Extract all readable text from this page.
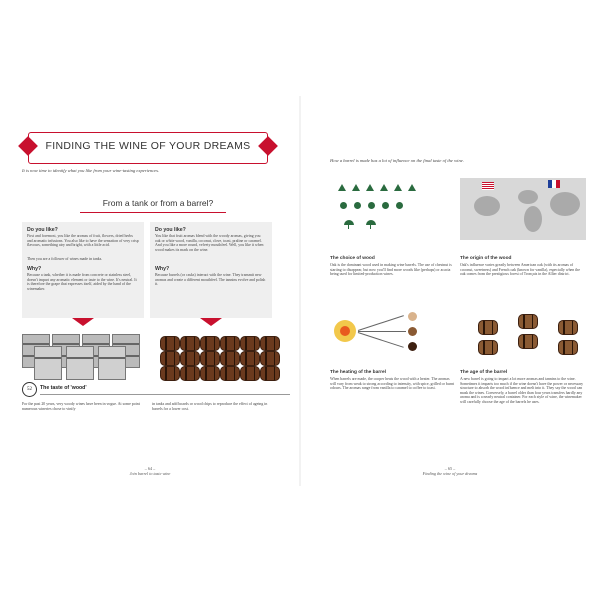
FINDING THE WINE OF YOUR DREAMS
It is now time to identify what you like from your wine-tasting experiences.
From a tank or from a barrel?
Do you like?

First and foremost, you like the aromas of fruit, flowers, dried herbs and aromatic infusions. You also like to have the sensation of very crisp flavours, something airy and bright, with a little acid.

Then you are a follower of wines made in tanks.

Why?

Because a tank, whether it is made from concrete or stainless steel, doesn't impart any aromatic element or taste to the wine. It's neutral. It is therefore the grape that expresses itself, aided by the hand of the winemaker.

Do you like?

You like that fruit aromas blend with the woody aromas, giving you oak or white wood, vanilla, coconut, clove, toast, praline or caramel. And you like a more round, velvety mouthfeel. Well, you like it when wood makes its mark on the wine.

Why?

Because barrels (or casks) interact with the wine. They transmit new aromas and create a different mouthfeel. The tannins evolve and polish it.

52	The taste of 'wood'
For the past 20 years, very woody wines have been in vogue. At some point numerous wineries chose to vinify
in tanks and add boards or wood chips to reproduce the effect of ageing in barrels for a lower cost.
– 64 –
Join barrel to taste wine
How a barrel is made has a lot of influence on the final taste of the wine.
The choice of wood

Oak is the dominant wood used in making wine barrels. The use of chestnut is starting to disappear, but now you'll find more woods like (perhaps) or acacia being used for limited-production wines.

The origin of the wood

Oak's influence varies greatly between American oak (with its aromas of coconut, sweetness) and French oak (known for vanilla), especially when the oak comes from the prestigious forest of Tronçais in the Allier district.

The heating of the barrel

When barrels are made, the cooper heats the wood with a heater. The aromas will vary from weak to strong according to intensity, with spice, grilled or burnt odours. The aromas range from vanilla to caramel to coffee to toast.

The age of the barrel

A new barrel is going to impart a lot more aromas and tannins to the wine. Sometimes it imparts too much if the wine doesn't have the power or necessary structure to absorb the wood influence and melt into it. They say the wood can mask the wines. Conversely, a barrel older than four years transfers hardly any aroma and is a nearly neutral container. For each style of wine, the winemaker will carefully choose the age of the barrels he uses.

– 65 –
Finding the wine of your dreams
